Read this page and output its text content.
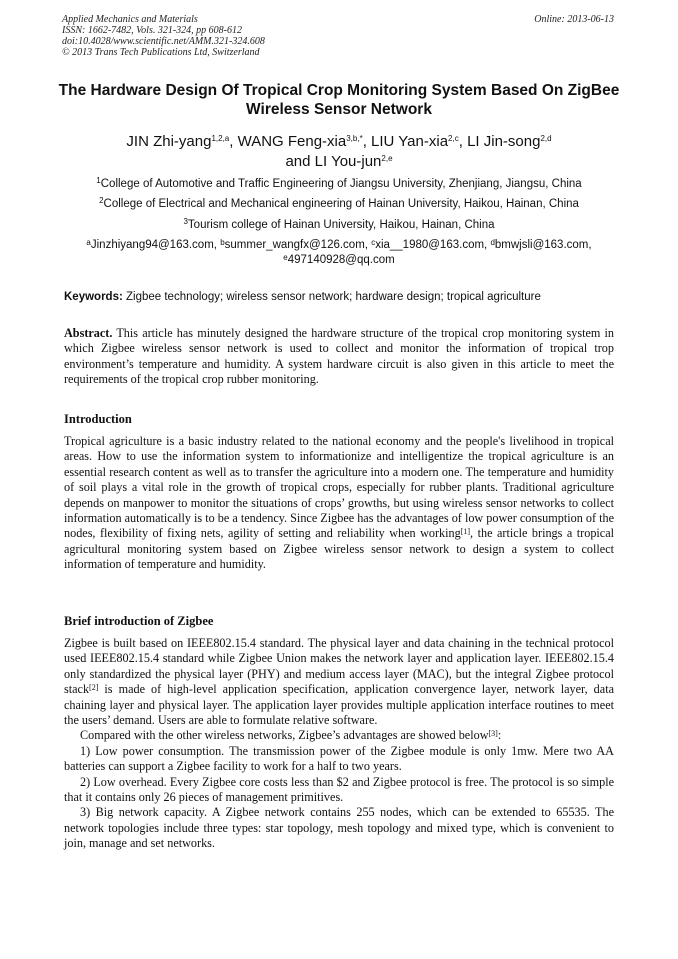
Applied Mechanics and Materials
ISSN: 1662-7482, Vols. 321-324, pp 608-612
doi:10.4028/www.scientific.net/AMM.321-324.608
© 2013 Trans Tech Publications Ltd, Switzerland
Online: 2013-06-13
The Hardware Design Of Tropical Crop Monitoring System Based On ZigBee Wireless Sensor Network
JIN Zhi-yang$^{1,2,a}$, WANG Feng-xia$^{3,b,*}$, LIU Yan-xia$^{2,c}$, LI Jin-song$^{2,d}$
and LI You-jun$^{2,e}$
$^1$College of Automotive and Traffic Engineering of Jiangsu University, Zhenjiang, Jiangsu, China
$^2$College of Electrical and Mechanical engineering of Hainan University, Haikou, Hainan, China
$^3$Tourism college of Hainan University, Haikou, Hainan, China
$^a$Jinzhiyang94@163.com, $^b$summer_wangfx@126.com, $^c$xia__1980@163.com, $^d$bmwjsli@163.com,
$^e$497140928@qq.com
Keywords: Zigbee technology; wireless sensor network; hardware design; tropical agriculture

Abstract. This article has minutely designed the hardware structure of the tropical crop monitoring system in which Zigbee wireless sensor network is used to collect and monitor the information of tropical trop environment’s temperature and humidity. A system hardware circuit is also given in this article to meet the requirements of the tropical crop rubber monitoring.

Introduction

Tropical agriculture is a basic industry related to the national economy and the people's livelihood in tropical areas. How to use the information system to informationize and intelligentize the tropical agriculture is an essential research content as well as to transfer the agriculture into a modern one. The temperature and humidity of soil plays a vital role in the growth of tropical crops, especially for rubber plants. Traditional agriculture depends on manpower to monitor the situations of crops’ growths, but using wireless sensor networks to collect information automatically is to be a tendency. Since Zigbee has the advantages of low power consumption of the nodes, flexibility of fixing nets, agility of setting and reliability when working[1], the article brings a tropical agricultural monitoring system based on Zigbee wireless sensor network to design a system to collect information of temperature and humidity.

Brief introduction of Zigbee

Zigbee is built based on IEEE802.15.4 standard. The physical layer and data chaining in the technical protocol used IEEE802.15.4 standard while Zigbee Union makes the network layer and application layer. IEEE802.15.4 only standardized the physical layer (PHY) and medium access layer (MAC), but the integral Zigbee protocol stack[2] is made of high-level application specification, application convergence layer, network layer, data chaining layer and physical layer. The application layer provides multiple application interface routines to meet the users’ demand. Users are able to formulate relative software.

Compared with the other wireless networks, Zigbee’s advantages are showed below[3]:

1) Low power consumption. The transmission power of the Zigbee module is only 1mw. Mere two AA batteries can support a Zigbee facility to work for a half to two years.

2) Low overhead. Every Zigbee core costs less than $2 and Zigbee protocol is free. The protocol is so simple that it contains only 26 pieces of management primitives.

3) Big network capacity. A Zigbee network contains 255 nodes, which can be extended to 65535. The network topologies include three types: star topology, mesh topology and mixed type, which is convenient to join, manage and set networks.
